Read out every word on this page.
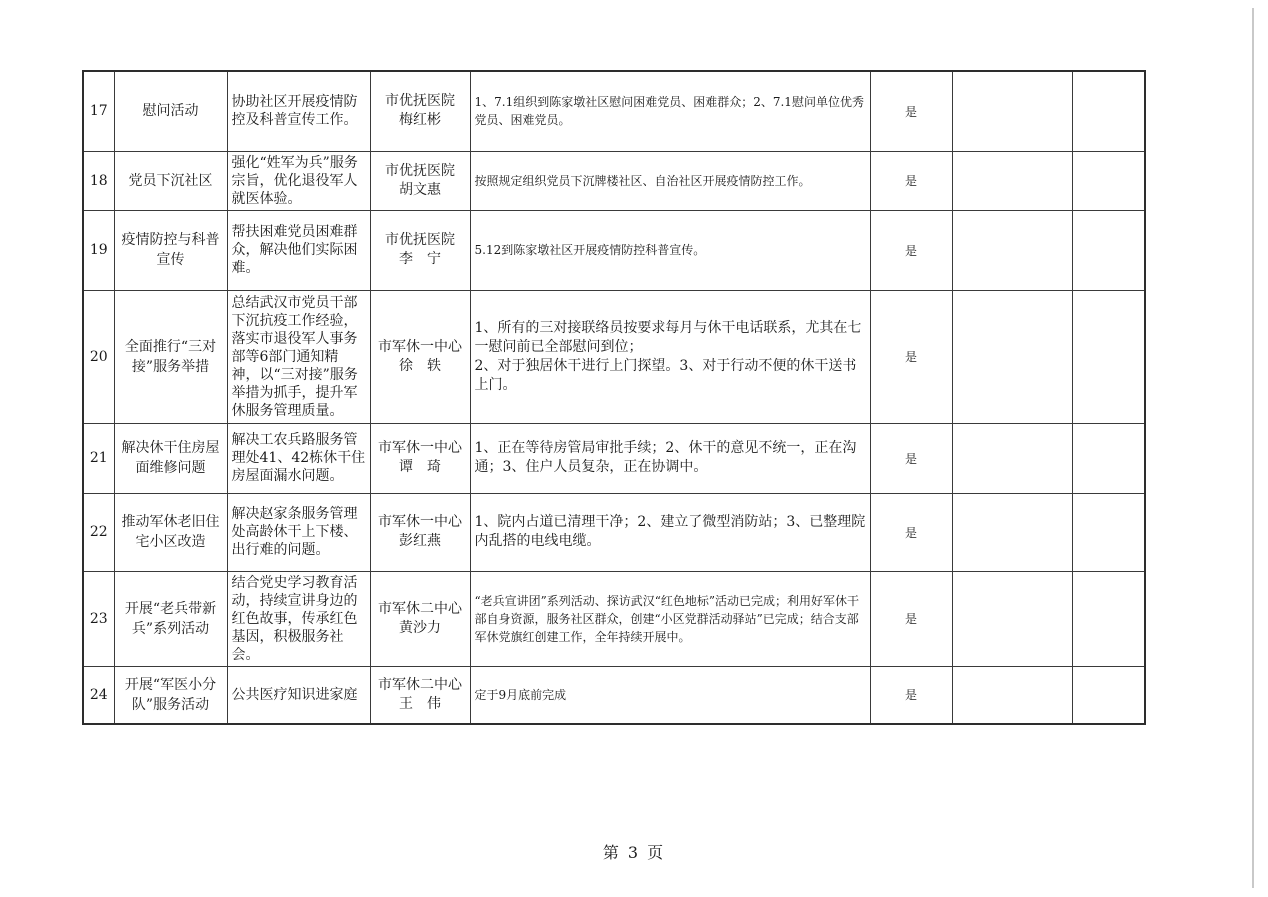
17	慰问活动	协助社区开展疫情防控及科普宣传工作。	市优抚医院
梅红彬	1、7.1组织到陈家墩社区慰问困难党员、困难群众；2、7.1慰问单位优秀党员、困难党员。	是		
18	党员下沉社区	强化“姓军为兵”服务宗旨，优化退役军人就医体验。	市优抚医院
胡文惠	按照规定组织党员下沉牌楼社区、自治社区开展疫情防控工作。	是		
19	疫情防控与科普宣传	帮扶困难党员困难群众，解决他们实际困难。	市优抚医院
李　宁	5.12到陈家墩社区开展疫情防控科普宣传。	是		
20	全面推行“三对接”服务举措	总结武汉市党员干部下沉抗疫工作经验，落实市退役军人事务部等6部门通知精神，以“三对接”服务举措为抓手，提升军休服务管理质量。	市军休一中心
徐　轶	1、所有的三对接联络员按要求每月与休干电话联系，尤其在七一慰问前已全部慰问到位；
2、对于独居休干进行上门探望。3、对于行动不便的休干送书上门。	是		
21	解决休干住房屋面维修问题	解决工农兵路服务管理处41、42栋休干住房屋面漏水问题。	市军休一中心
谭　琦	1、正在等待房管局审批手续；2、休干的意见不统一，正在沟通；3、住户人员复杂，正在协调中。	是		
22	推动军休老旧住宅小区改造	解决赵家条服务管理处高龄休干上下楼、出行难的问题。	市军休一中心
彭红燕	1、院内占道已清理干净；2、建立了微型消防站；3、已整理院内乱搭的电线电缆。	是		
23	开展“老兵带新兵”系列活动	结合党史学习教育活动，持续宣讲身边的红色故事，传承红色基因，积极服务社会。	市军休二中心
黄沙力	“老兵宣讲团”系列活动、探访武汉“红色地标”活动已完成；利用好军休干部自身资源，服务社区群众，创建“小区党群活动驿站”已完成；结合支部军休党旗红创建工作，全年持续开展中。	是		
24	开展“军医小分队”服务活动	公共医疗知识进家庭	市军休二中心
王　伟	定于9月底前完成	是		
第 3 页
